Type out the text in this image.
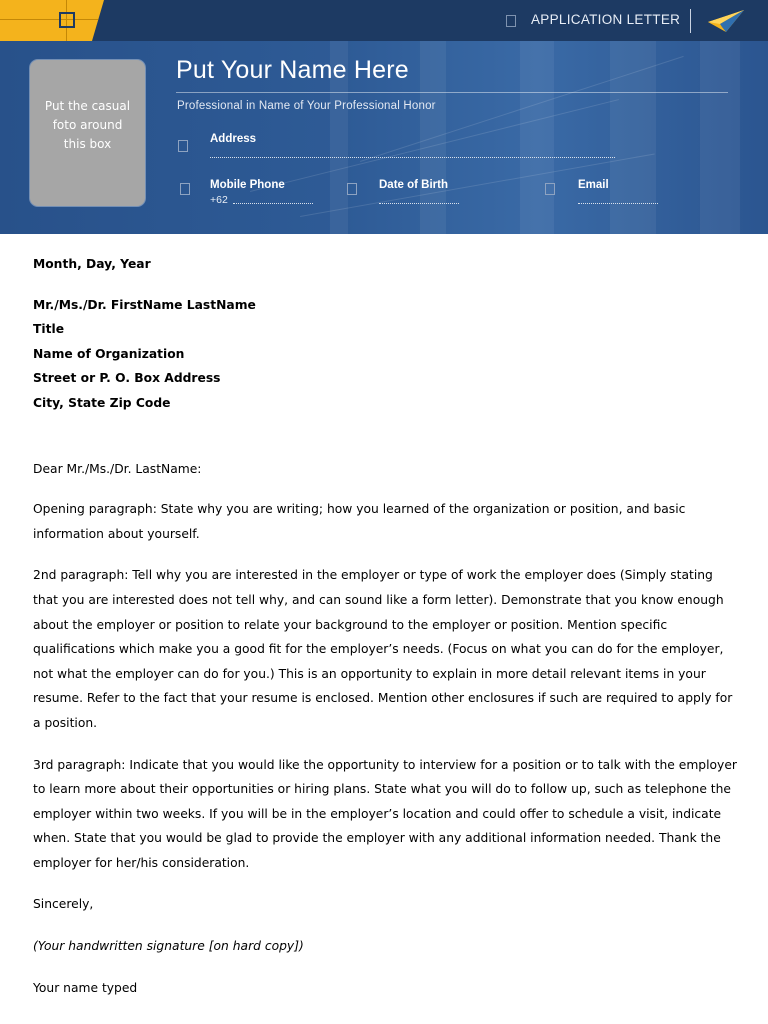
APPLICATION LETTER
Put the casual foto around this box
Put Your Name Here
Professional in Name of Your Professional Honor
Address
Mobile Phone
+62
Date of Birth	Email

Month, Day, Year

Mr./Ms./Dr. FirstName LastName

Title

Name of Organization

Street or P. O. Box Address

City, State Zip Code

Dear Mr./Ms./Dr. LastName:

Opening paragraph: State why you are writing; how you learned of the organization or position, and basic information about yourself.

2nd paragraph: Tell why you are interested in the employer or type of work the employer does (Simply stating that you are interested does not tell why, and can sound like a form letter). Demonstrate that you know enough about the employer or position to relate your background to the employer or position. Mention specific qualifications which make you a good fit for the employer’s needs. (Focus on what you can do for the employer, not what the employer can do for you.) This is an opportunity to explain in more detail relevant items in your resume. Refer to the fact that your resume is enclosed. Mention other enclosures if such are required to apply for a position.

3rd paragraph: Indicate that you would like the opportunity to interview for a position or to talk with the employer to learn more about their opportunities or hiring plans. State what you will do to follow up, such as telephone the employer within two weeks. If you will be in the employer’s location and could offer to schedule a visit, indicate when. State that you would be glad to provide the employer with any additional information needed. Thank the employer for her/his consideration.

Sincerely,

(Your handwritten signature [on hard copy])

Your name typed
